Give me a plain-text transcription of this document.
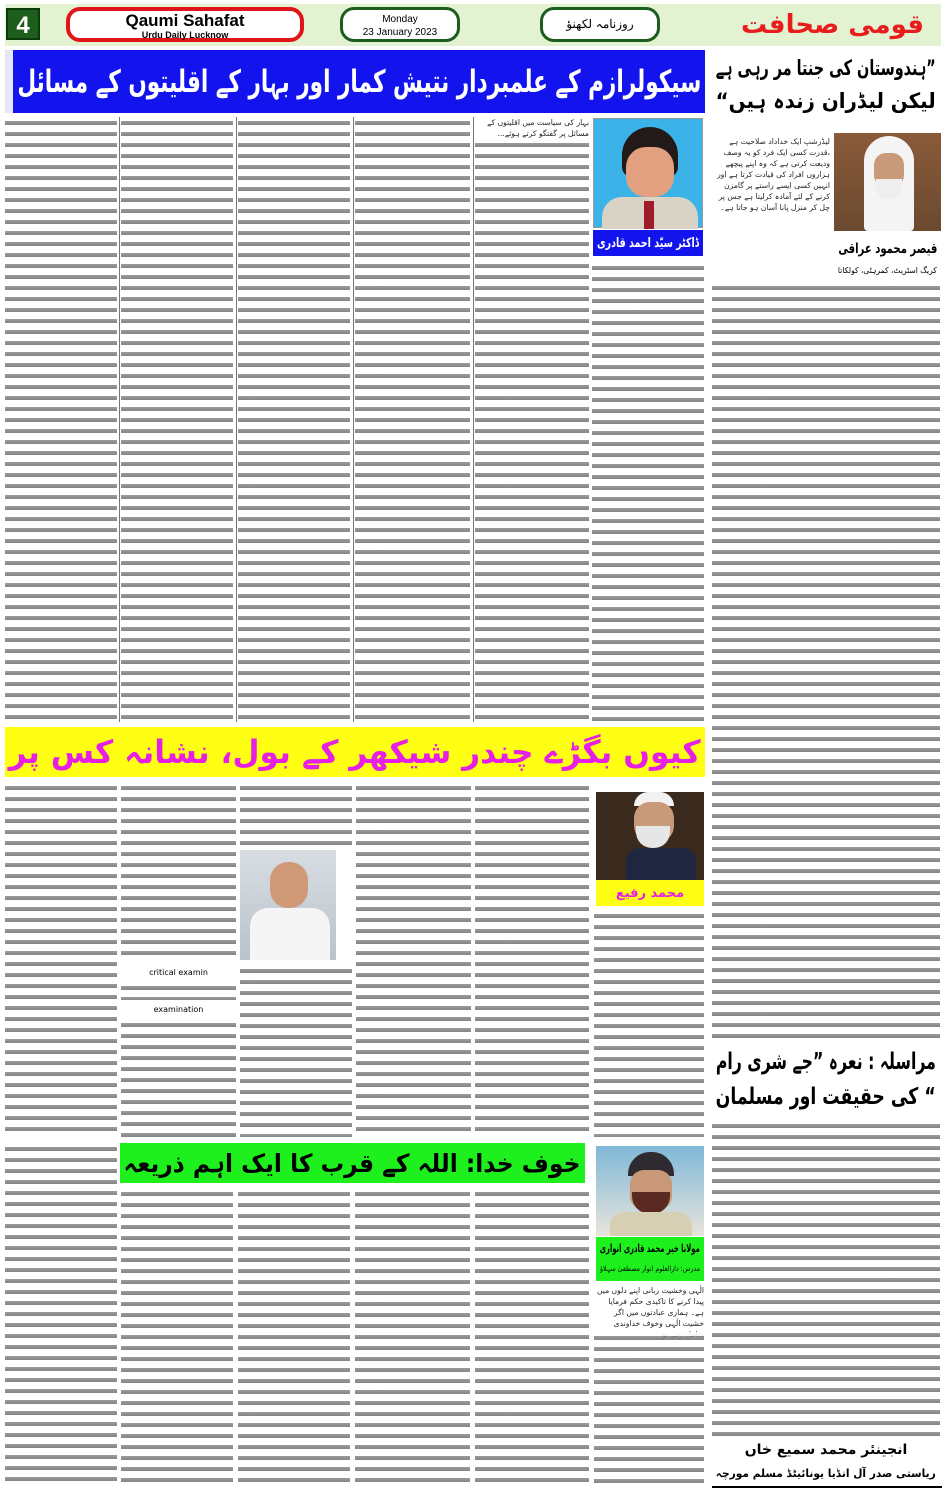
4	Qaumi Sahafat
Urdu Daily Lucknow
Monday
23 January 2023
روزنامہ لکھنؤ	قومی صحافت
سیکولرازم کے علمبردار نتیش کمار اور بہار کے اقلیتوں کے مسائل ”ہندوستان کی جنتا مر رہی ہے
لیکن لیڈران زندہ ہیں“
لیڈرشپ ایک خداداد صلاحیت ہے ،قدرت کسی ایک فرد کو یہ وصف ودیعت کرتی ہے کہ وہ اپنے پیچھے ہزاروں افراد کی قیادت کرتا ہے اور انہیں کسی ایسے راستے پر گامزن کرنے کے لئے آمادہ کرلیتا ہے جس پر چل کر منزل پانا آسان ہو جاتا ہے۔
قیصر محمود عراقی
کریگ اسٹریٹ، کمرہٹی، کولکاتا
بہار کی سیاست میں اقلیتوں کے مسائل پر گفتگو کرتے ہوئے...
ڈاکٹر سیّد احمد قادری
کیوں بگڑے چندر شیکھر کے بول، نشانہ کس پر
critical examin
examination
محمد رفیع
مراسلہ : نعرہ ”جے شری رام
“ کی حقیقت اور مسلمان
انجینئر محمد سمیع خاں
ریاستی صدر آل انڈیا یونائیٹڈ مسلم مورچہ
خوف خدا: اللہ کے قرب کا ایک اہم ذریعہ
مولانا خیر محمد قادری انواری
مدرس: دارالعلوم انوار مصطفیٰ سہلاؤ
الٰہی وخشیت ربانی اپنے دلوں میں پیدا کرنے کا تاکیدی حکم فرمایا ہے۔ ہماری عبادتوں میں اگر خشیت الٰہی وخوف خداوندی
